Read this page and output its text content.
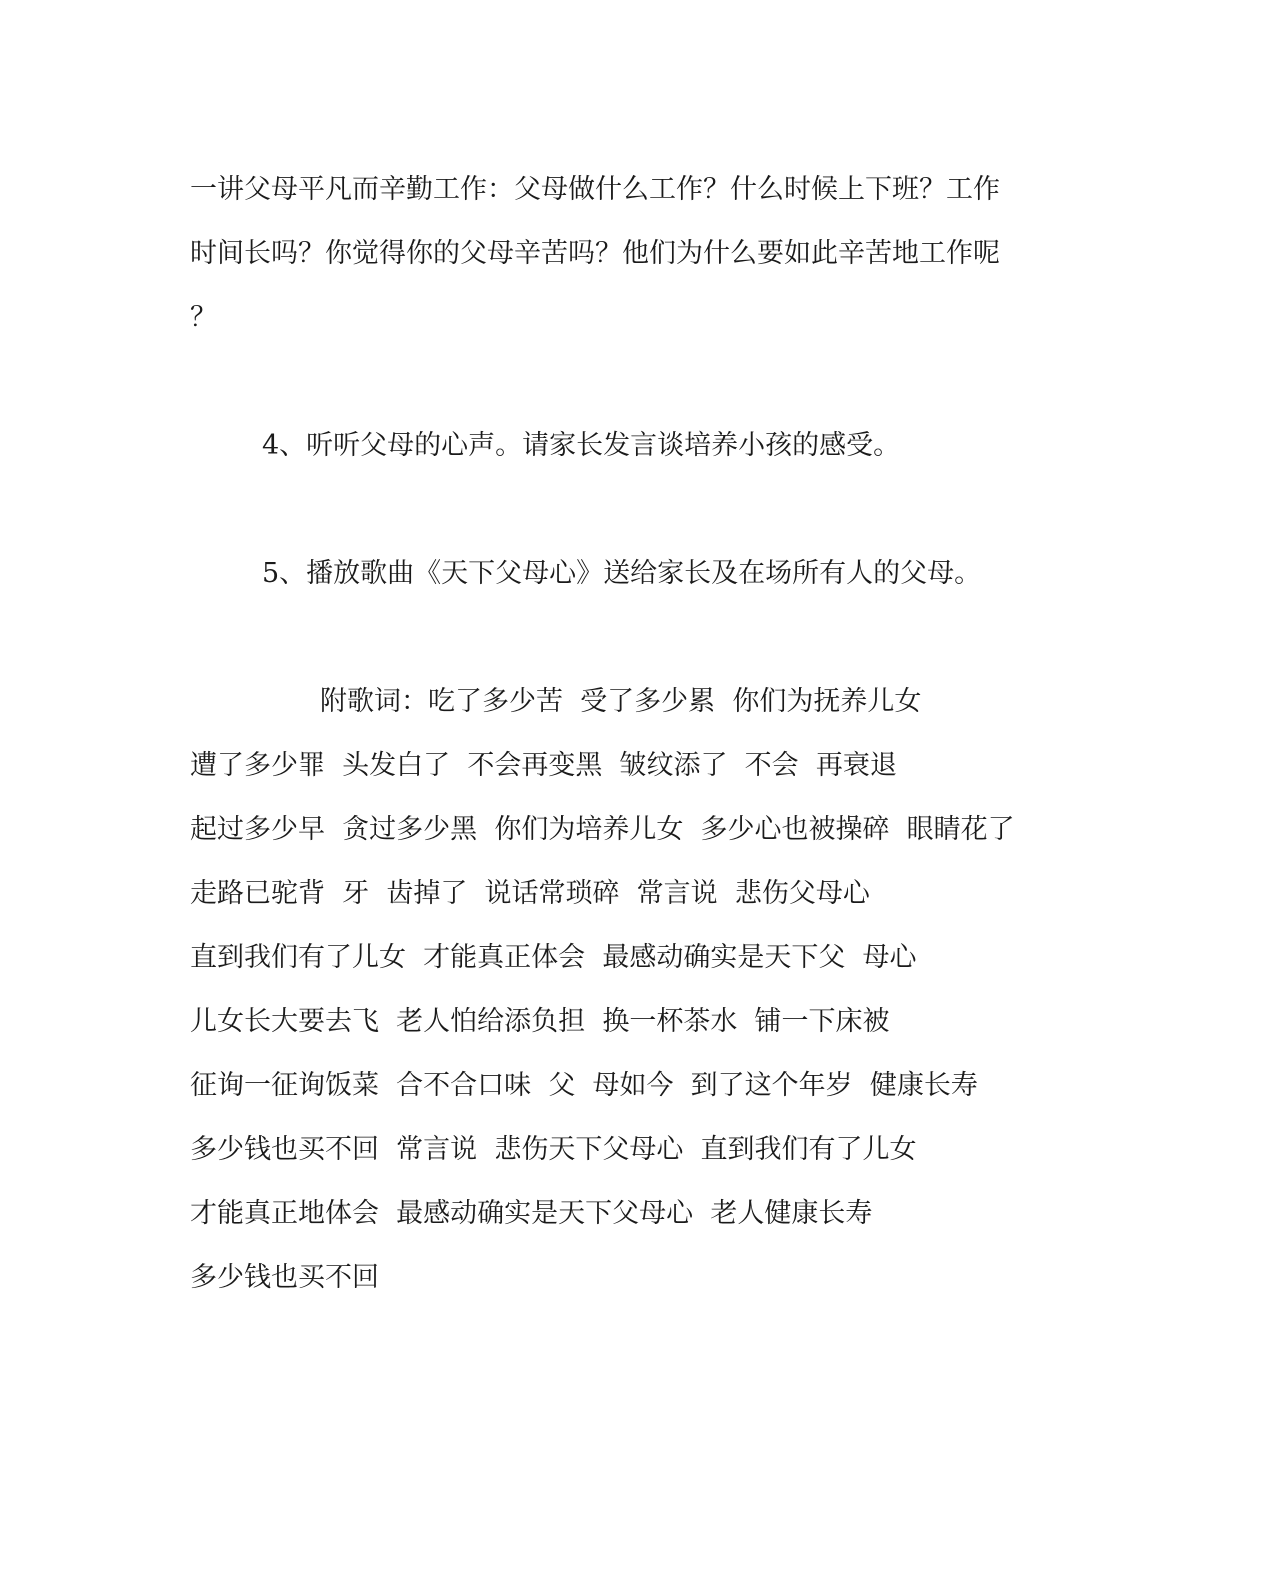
一讲父母平凡而辛勤工作：父母做什么工作？什么时候上下班？工作
时间长吗？你觉得你的父母辛苦吗？他们为什么要如此辛苦地工作呢
？
4、听听父母的心声。请家长发言谈培养小孩的感受。
5、播放歌曲《天下父母心》送给家长及在场所有人的父母。
附歌词：吃了多少苦  受了多少累  你们为抚养儿女
遭了多少罪  头发白了  不会再变黑  皱纹添了  不会  再衰退
起过多少早  贪过多少黑  你们为培养儿女  多少心也被操碎  眼睛花了
走路已驼背  牙  齿掉了  说话常琐碎  常言说  悲伤父母心
直到我们有了儿女  才能真正体会  最感动确实是天下父  母心
儿女长大要去飞  老人怕给添负担  换一杯茶水  铺一下床被
征询一征询饭菜  合不合口味  父  母如今  到了这个年岁  健康长寿
多少钱也买不回  常言说  悲伤天下父母心  直到我们有了儿女
才能真正地体会  最感动确实是天下父母心  老人健康长寿
多少钱也买不回
